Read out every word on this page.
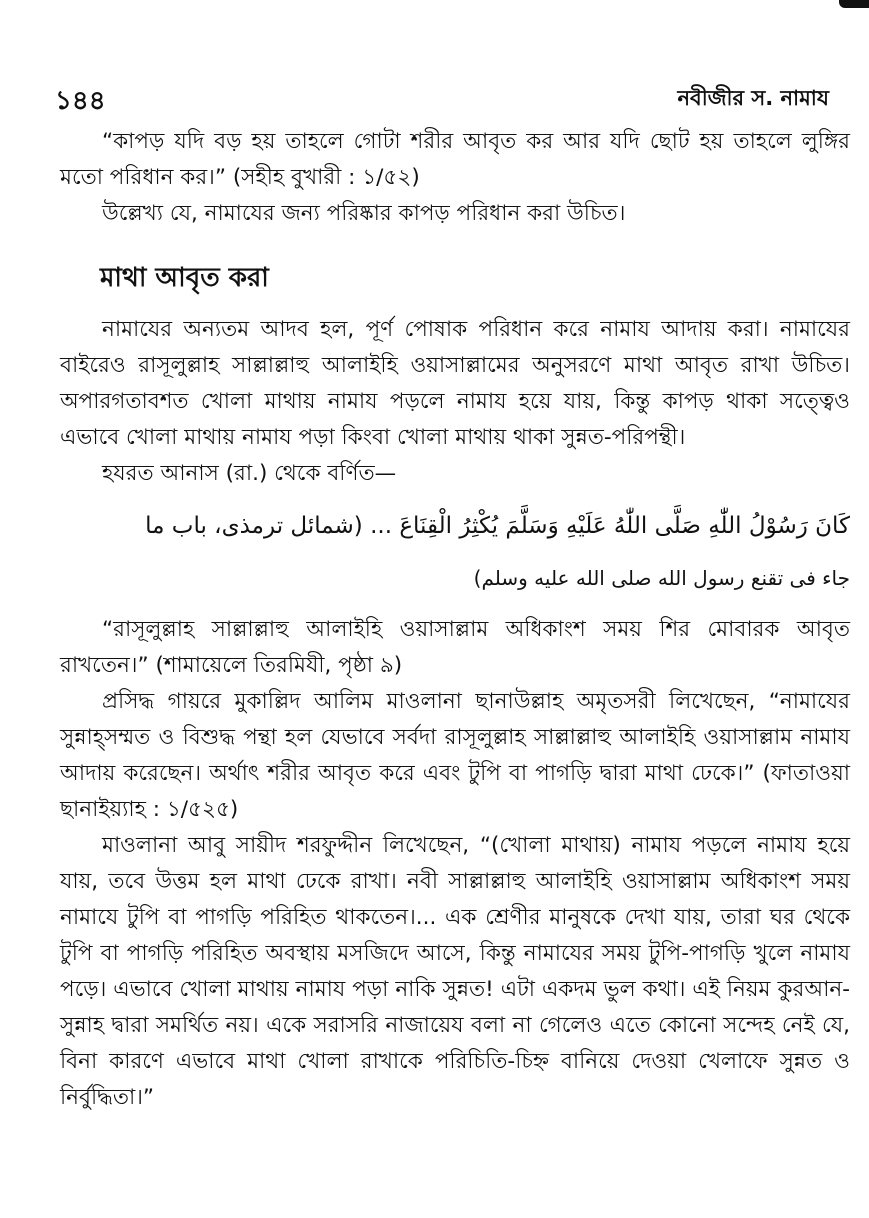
১৪৪	নবীজীর স. নামায

“কাপড় যদি বড় হয় তাহলে গোটা শরীর আবৃত কর আর যদি ছোট হয় তাহলে লুঙ্গির মতো পরিধান কর।” (সহীহ বুখারী : ১/৫২)

উল্লেখ্য যে, নামাযের জন্য পরিষ্কার কাপড় পরিধান করা উচিত।

মাথা আবৃত করা

নামাযের অন্যতম আদব হল, পূর্ণ পোষাক পরিধান করে নামায আদায় করা। নামাযের বাইরেও রাসূলুল্লাহ সাল্লাল্লাহু আলাইহি ওয়াসাল্লামের অনুসরণে মাথা আবৃত রাখা উচিত। অপারগতাবশত খোলা মাথায় নামায পড়লে নামায হয়ে যায়, কিন্তু কাপড় থাকা সত্ত্বেও এভাবে খোলা মাথায় নামায পড়া কিংবা খোলা মাথায় থাকা সুন্নত-পরিপন্থী।

হযরত আনাস (রা.) থেকে বর্ণিত—

كَانَ رَسُوْلُ اللّٰهِ صَلَّى اللّٰهُ عَلَيْهِ وَسَلَّمَ يُكْثِرُ الْقِنَاعَ ... (شمائل ترمذی، باب ما
جاء فی تقنع رسول الله صلى الله عليه وسلم)

“রাসূলুল্লাহ সাল্লাল্লাহু আলাইহি ওয়াসাল্লাম অধিকাংশ সময় শির মোবারক আবৃত রাখতেন।” (শামায়েলে তিরমিযী, পৃষ্ঠা ৯)

প্রসিদ্ধ গায়রে মুকাল্লিদ আলিম মাওলানা ছানাউল্লাহ অমৃতসরী লিখেছেন, “নামাযের সুন্নাহ্সম্মত ও বিশুদ্ধ পন্থা হল যেভাবে সর্বদা রাসূলুল্লাহ সাল্লাল্লাহু আলাইহি ওয়াসাল্লাম নামায আদায় করেছেন। অর্থাৎ শরীর আবৃত করে এবং টুপি বা পাগড়ি দ্বারা মাথা ঢেকে।” (ফাতাওয়া ছানাইয়্যাহ : ১/৫২৫)

মাওলানা আবু সায়ীদ শরফুদ্দীন লিখেছেন, “(খোলা মাথায়) নামায পড়লে নামায হয়ে যায়, তবে উত্তম হল মাথা ঢেকে রাখা। নবী সাল্লাল্লাহু আলাইহি ওয়াসাল্লাম অধিকাংশ সময় নামাযে টুপি বা পাগড়ি পরিহিত থাকতেন।... এক শ্রেণীর মানুষকে দেখা যায়, তারা ঘর থেকে টুপি বা পাগড়ি পরিহিত অবস্থায় মসজিদে আসে, কিন্তু নামাযের সময় টুপি-পাগড়ি খুলে নামায পড়ে। এভাবে খোলা মাথায় নামায পড়া নাকি সুন্নত! এটা একদম ভুল কথা। এই নিয়ম কুরআন-সুন্নাহ দ্বারা সমর্থিত নয়। একে সরাসরি নাজায়েয বলা না গেলেও এতে কোনো সন্দেহ নেই যে, বিনা কারণে এভাবে মাথা খোলা রাখাকে পরিচিতি-চিহ্ন বানিয়ে দেওয়া খেলাফে সুন্নত ও নির্বুদ্ধিতা।”
